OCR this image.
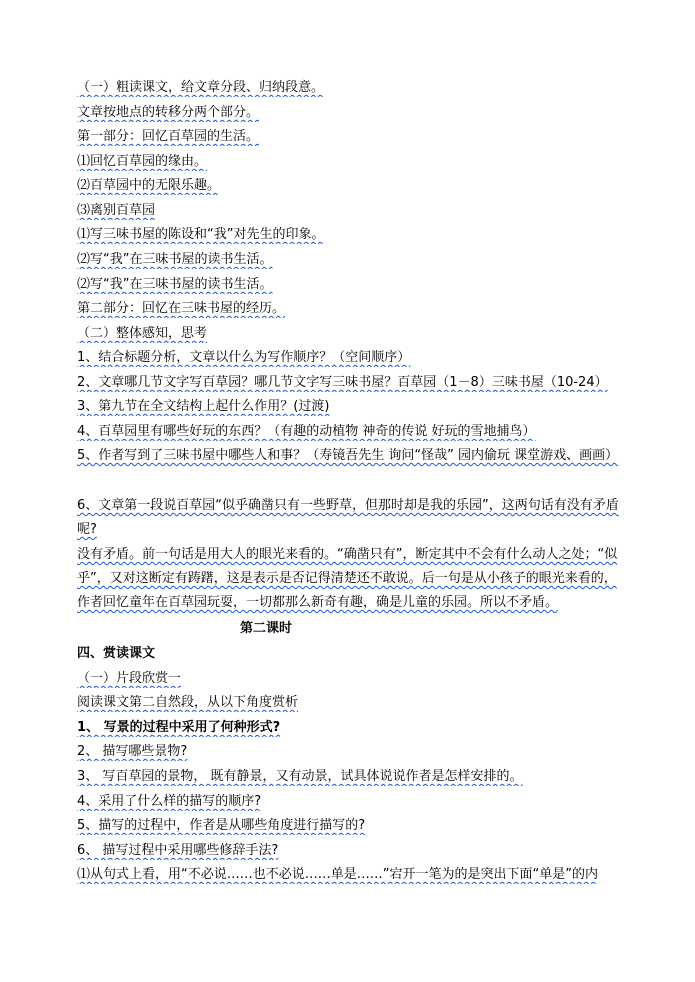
（一）粗读课文，给文章分段、归纳段意。
文章按地点的转移分两个部分。
第一部分：回忆百草园的生活。
⑴回忆百草园的缘由。
⑵百草园中的无限乐趣。
⑶离别百草园
⑴写三味书屋的陈设和“我”对先生的印象。
⑵写“我”在三味书屋的读书生活。
⑵写“我”在三味书屋的读书生活。
第二部分：回忆在三味书屋的经历。
（二）整体感知，思考
1、结合标题分析，文章以什么为写作顺序？（空间顺序）
2、文章哪几节文字写百草园？哪几节文字写三味书屋？百草园（1－8）三味书屋（10-24）
3、第九节在全文结构上起什么作用？(过渡)
4、百草园里有哪些好玩的东西？（有趣的动植物 神奇的传说 好玩的雪地捕鸟）
5、作者写到了三味书屋中哪些人和事？（寿镜吾先生 询问“怪哉” 园内偷玩 课堂游戏、画画）
6、文章第一段说百草园“似乎确凿只有一些野草，但那时却是我的乐园”，这两句话有没有矛盾呢?
没有矛盾。前一句话是用大人的眼光来看的。“确凿只有”，断定其中不会有什么动人之处；“似乎”，又对这断定有踌躇，这是表示是否记得清楚还不敢说。后一句是从小孩子的眼光来看的，作者回忆童年在百草园玩耍，一切都那么新奇有趣，确是儿童的乐园。所以不矛盾。
第二课时
四、赏读课文
（一）片段欣赏一
阅读课文第二自然段，从以下角度赏析
1、 写景的过程中采用了何种形式?
2、 描写哪些景物?
3、 写百草园的景物， 既有静景，又有动景，试具体说说作者是怎样安排的。
4、采用了什么样的描写的顺序?
5、描写的过程中，作者是从哪些角度进行描写的?
6、 描写过程中采用哪些修辞手法?
⑴从句式上看，用“不必说……也不必说……单是……”宕开一笔为的是突出下面“单是”的内
